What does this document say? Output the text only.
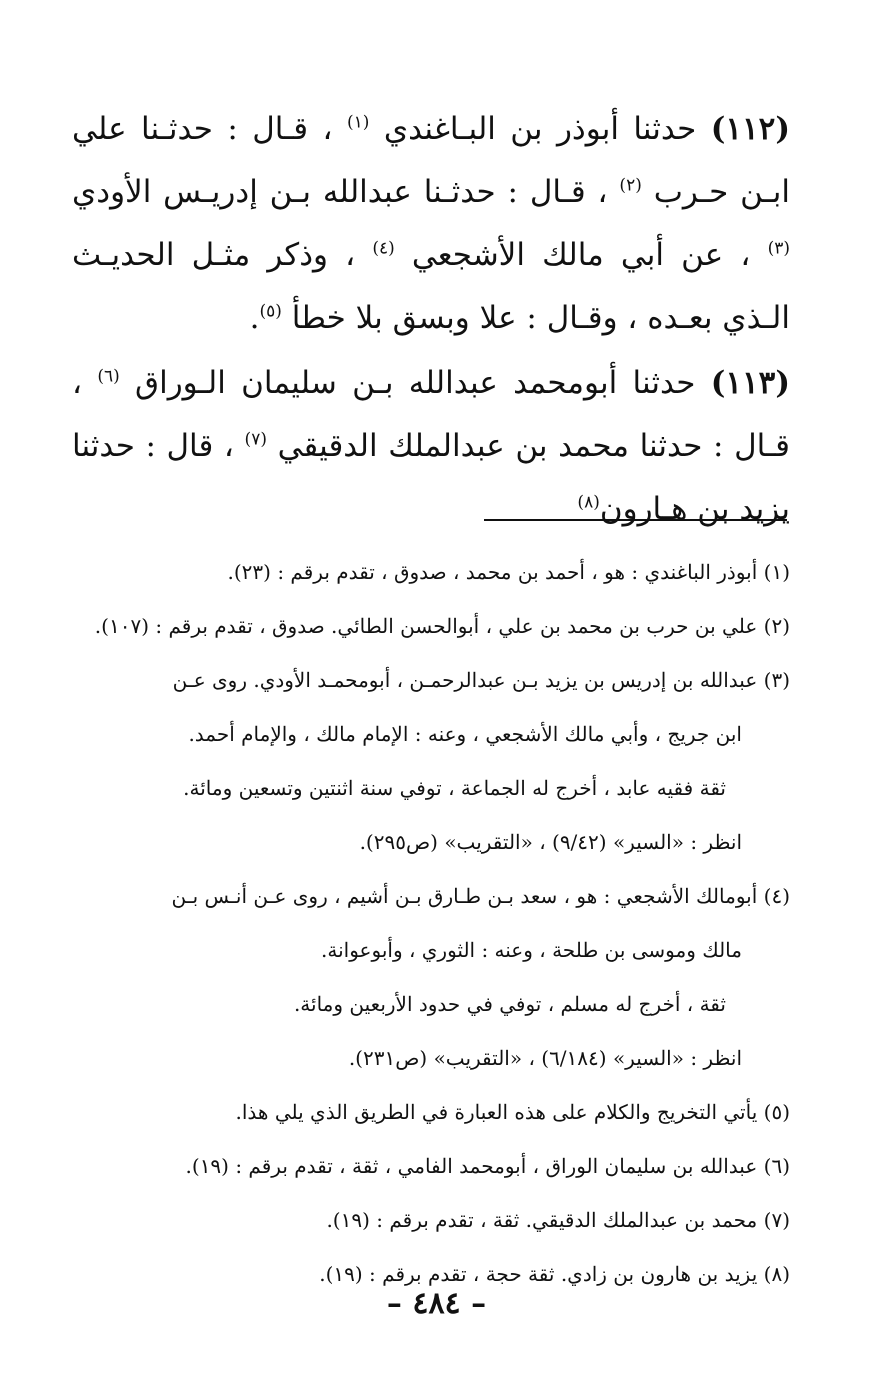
(١١٢) حدثنا أبوذر بن البـاغندي $^{(١)}$ ، قـال : حدثـنا علي ابـن حـرب $^{(٢)}$ ، قـال : حدثـنا عبدالله بـن إدريـس الأودي $^{(٣)}$ ، عن أبي مالك الأشجعي $^{(٤)}$ ، وذكر مثـل الحديـث الـذي بعـده ، وقـال : علا وبسق بلا خطأ $^{(٥)}$.

(١١٣) حدثنا أبومحمد عبدالله بـن سليمان الـوراق $^{(٦)}$ ، قـال : حدثنا محمد بن عبدالملك الدقيقي $^{(٧)}$ ، قال : حدثنا يزيد بن هـارون$^{(٨)}$

(١) أبوذر الباغندي : هو ، أحمد بن محمد ، صدوق ، تقدم برقم : (٢٣).
(٢) علي بن حرب بن محمد بن علي ، أبوالحسن الطائي. صدوق ، تقدم برقم : (١٠٧).
(٣) عبدالله بن إدريس بن يزيد بـن عبدالرحمـن ، أبومحمـد الأودي. روى عـن
ابن جريج ، وأبي مالك الأشجعي ، وعنه : الإمام مالك ، والإمام أحمد.
ثقة فقيه عابد ، أخرج له الجماعة ، توفي سنة اثنتين وتسعين ومائة.
انظر : «السير» (٩/٤٢) ، «التقريب» (ص٢٩٥).
(٤) أبومالك الأشجعي : هو ، سعد بـن طـارق بـن أشيم ، روى عـن أنـس بـن
مالك وموسى بن طلحة ، وعنه : الثوري ، وأبوعوانة.
ثقة ، أخرج له مسلم ، توفي في حدود الأربعين ومائة.
انظر : «السير» (٦/١٨٤) ، «التقريب» (ص٢٣١).
(٥) يأتي التخريج والكلام على هذه العبارة في الطريق الذي يلي هذا.
(٦) عبدالله بن سليمان الوراق ، أبومحمد الفامي ، ثقة ، تقدم برقم : (١٩).
(٧) محمد بن عبدالملك الدقيقي. ثقة ، تقدم برقم : (١٩).
(٨) يزيد بن هارون بن زادي. ثقة حجة ، تقدم برقم : (١٩).
– ٤٨٤ –
